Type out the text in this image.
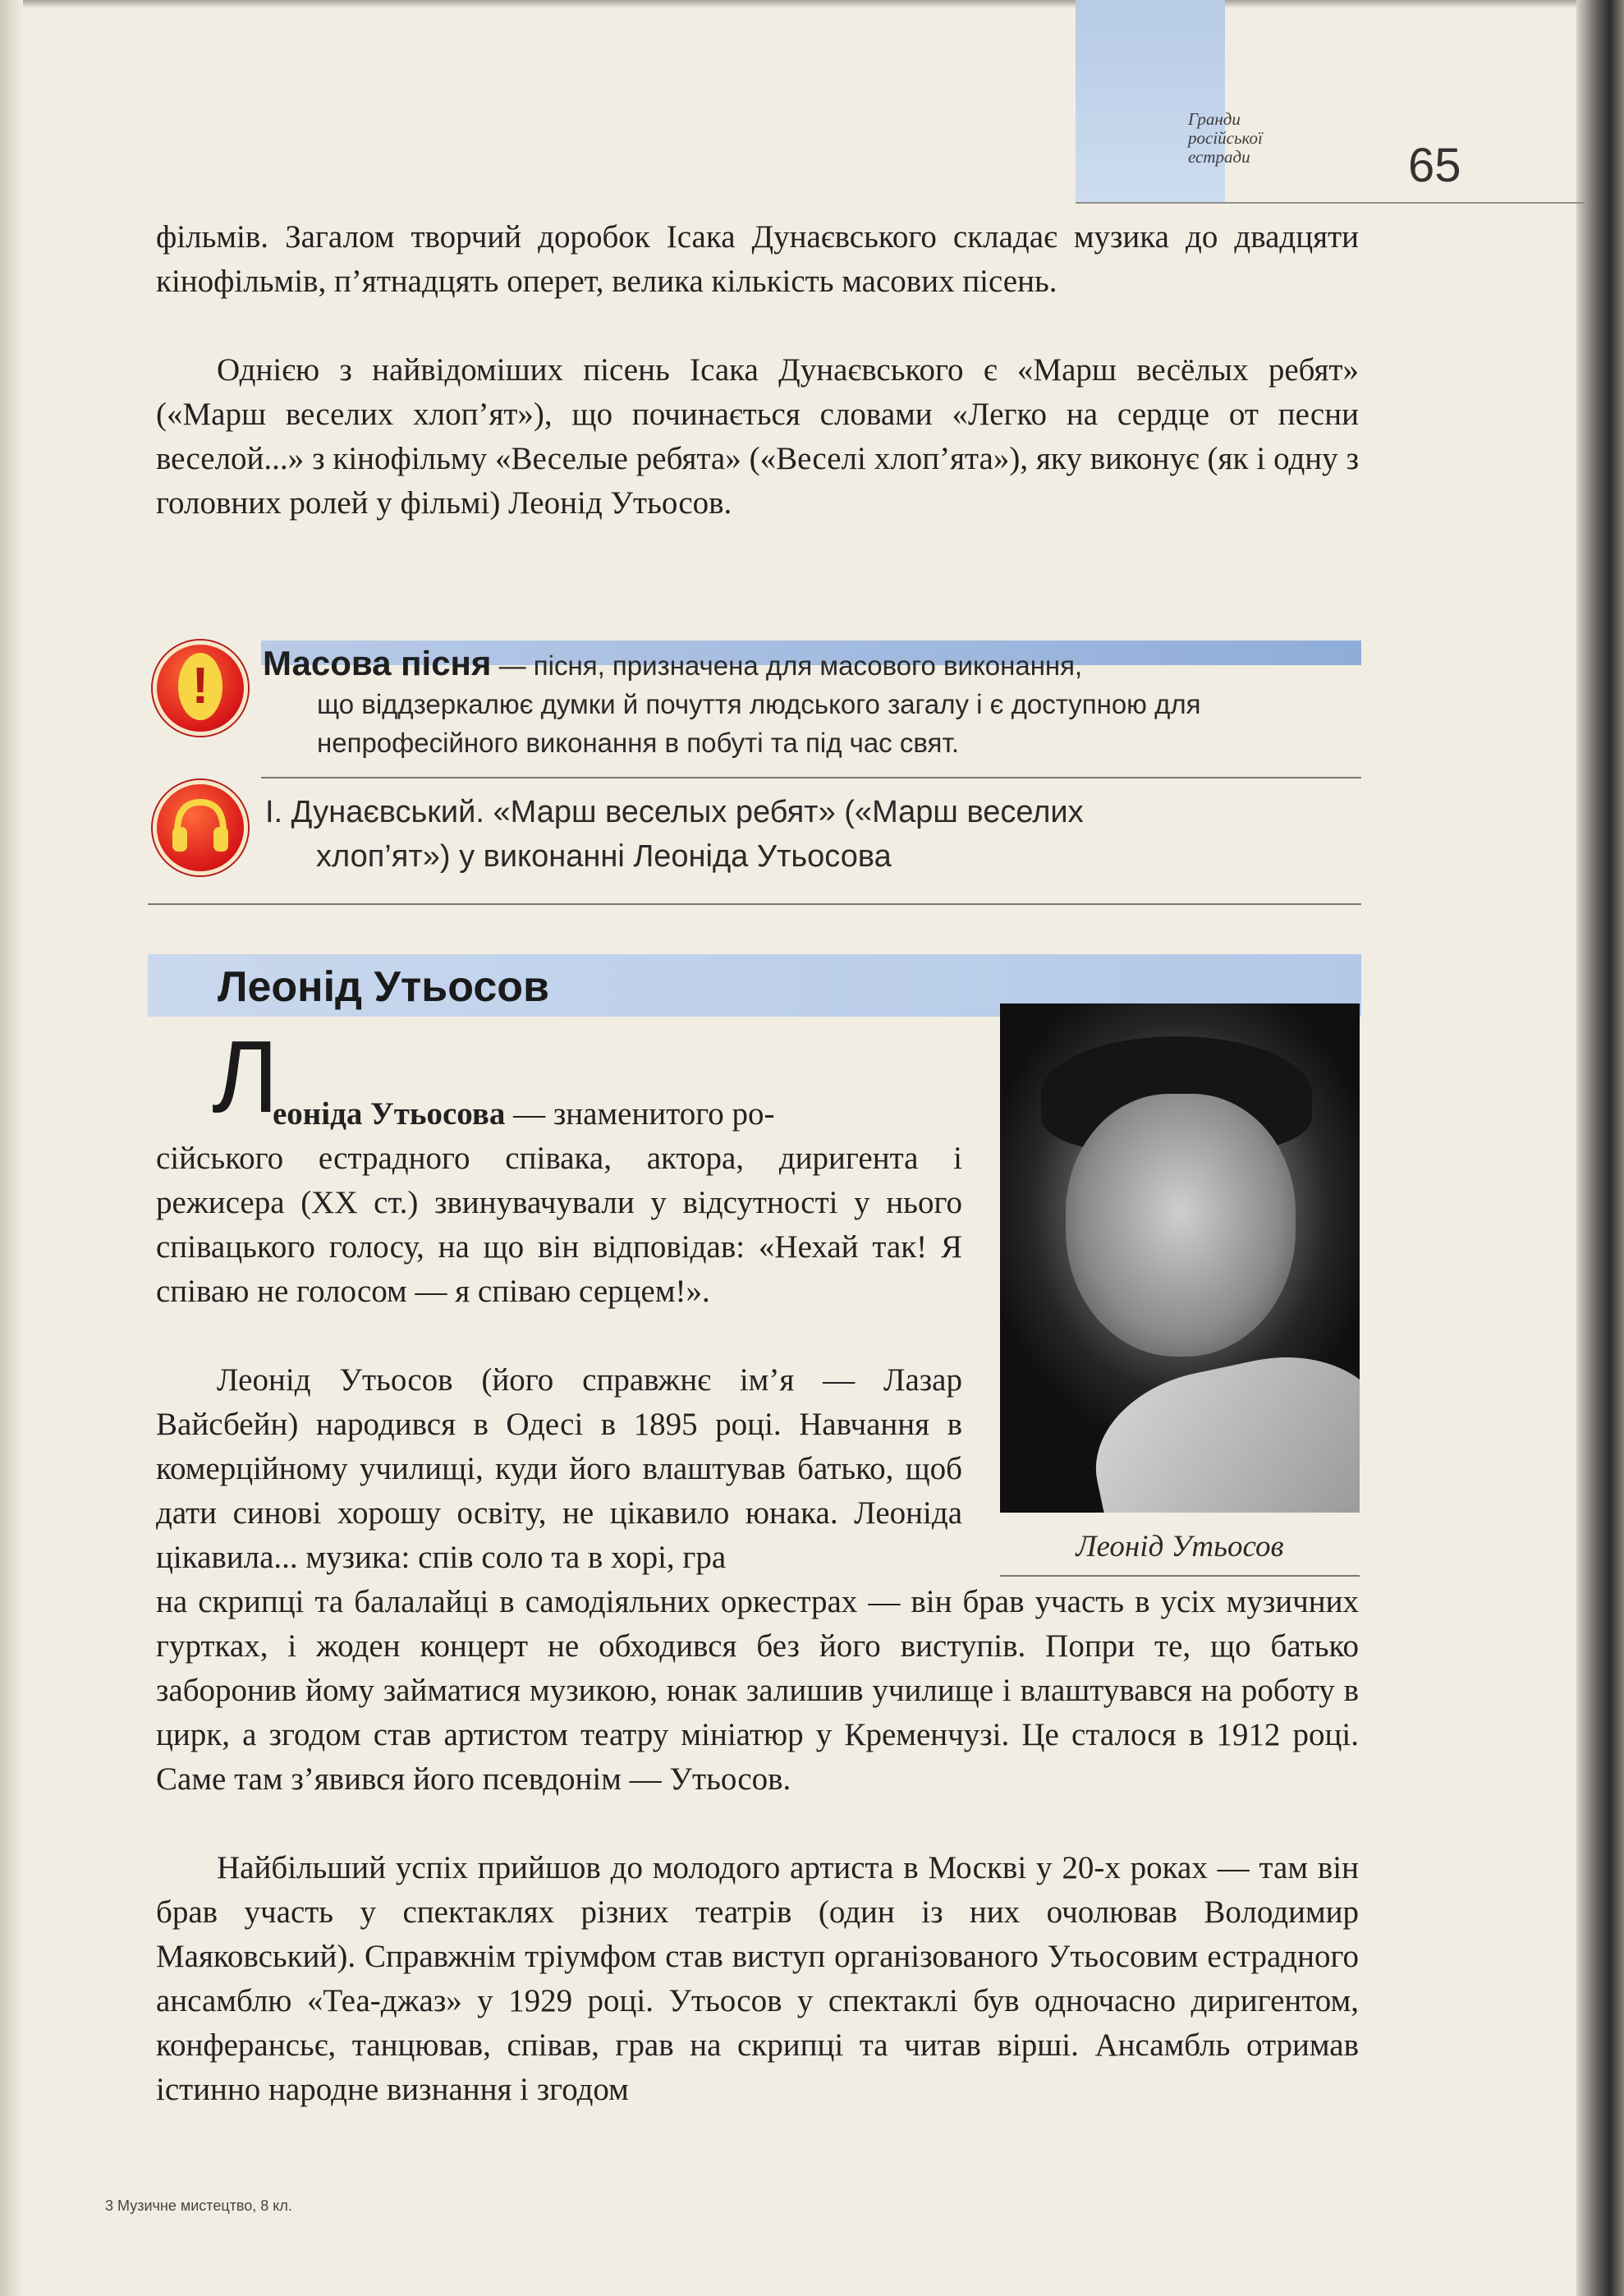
Гранди
російської
естради	65

фільмів. Загалом творчий доробок Ісака Дунаєвського складає музика до двадцяти кінофільмів, п’ятнадцять оперет, велика кількість масових пісень.

Однією з найвідоміших пісень Ісака Дунаєвського є «Марш весёлых ребят» («Марш веселих хлоп’ят»), що починається словами «Легко на сердце от песни веселой...» з кінофільму «Веселые ребята» («Веселі хлоп’ята»), яку виконує (як і одну з головних ролей у фільмі) Леонід Утьосов.

!	Масова пісня — пісня, призначена для масового виконання,
що віддзеркалює думки й почуття людського загалу і є доступною для непрофесійного виконання в побуті та під час свят.
І. Дунаєвський. «Марш веселых ребят» («Марш веселих
хлоп’ят») у виконанні Леоніда Утьосова
Леонід Утьосов
Леонід Утьосов
Л

еоніда Утьосова — знаменитого ро-

сійського естрадного співака, актора, диригента і режисера (XX ст.) звинувачували у відсутності у нього співацького голосу, на що він відповідав: «Нехай так! Я співаю не голосом — я співаю серцем!».

Леонід Утьосов (його справжнє ім’я — Лазар Вайсбейн) народився в Одесі в 1895 році. Навчання в комерційному училищі, куди його влаштував батько, щоб дати синові хорошу освіту, не цікавило юнака. Леоніда цікавила... музика: спів соло та в хорі, гра

на скрипці та балалайці в самодіяльних оркестрах — він брав участь в усіх музичних гуртках, і жоден концерт не обходився без його виступів. Попри те, що батько заборонив йому займатися музикою, юнак залишив училище і влаштувався на роботу в цирк, а згодом став артистом театру мініатюр у Кременчузі. Це сталося в 1912 році. Саме там з’явився його псевдонім — Утьосов.

Найбільший успіх прийшов до молодого артиста в Москві у 20-х роках — там він брав участь у спектаклях різних театрів (один із них очолював Володимир Маяковський). Справжнім тріумфом став виступ організованого Утьосовим естрадного ансамблю «Теа-джаз» у 1929 році. Утьосов у спектаклі був одночасно диригентом, конферансьє, танцював, співав, грав на скрипці та читав вірші. Ансамбль отримав істинно народне визнання і згодом

3 Музичне мистецтво, 8 кл.
